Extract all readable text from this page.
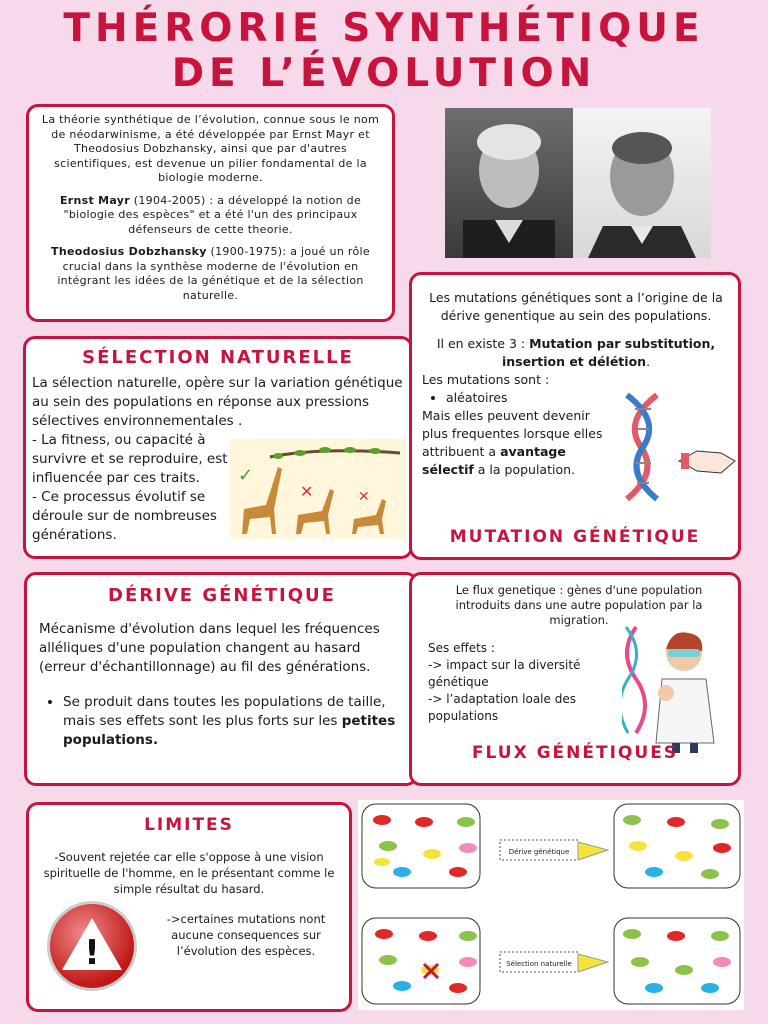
THÉRORIE SYNTHÉTIQUE
DE L’ÉVOLUTION

La théorie synthétique de l’évolution, connue sous le nom de néodarwinisme, a été développée par Ernst Mayr et Theodosius Dobzhansky, ainsi que par d'autres scientifiques, est devenue un pilier fondamental de la biologie moderne.

Ernst Mayr (1904-2005) : a développé la notion de "biologie des espèces" et a été l'un des principaux défenseurs de cette theorie.

Theodosius Dobzhansky (1900-1975): a joué un rôle crucial dans la synthèse moderne de l'évolution en intégrant les idées de la génétique et de la sélection naturelle.

SÉLECTION NATURELLE

La sélection naturelle, opère sur la variation génétique au sein des populations en réponse aux pressions sélectives environnementales .

- La fitness, ou capacité à survivre et se reproduire, est influencée par ces traits.

- Ce processus évolutif se déroule sur de nombreuses générations.

✓
✕	✕

Les mutations génétiques sont a l’origine de la dérive genentique au sein des populations.

Il en existe 3 : Mutation par substitution, insertion et délétion.

Les mutations sont :

• aléatoires

Mais elles peuvent devenir plus frequentes lorsque elles attribuent a avantage sélectif a la population.

MUTATION GÉNÉTIQUE
DÉRIVE GÉNÉTIQUE

Mécanisme d'évolution dans lequel les fréquences alléliques d'une population changent au hasard (erreur d'échantillonnage) au fil des générations.

• Se produit dans toutes les populations de taille, mais ses effets sont les plus forts sur les petites populations.

Le flux genetique : gènes d'une population introduits dans une autre population par la migration.

Ses effets :

-> impact sur la diversité génétique

-> l’adaptation loale des populations

FLUX GÉNÉTIQUES
LIMITES

-Souvent rejetée car elle s'oppose à une vision spirituelle de l'homme, en le présentant comme le simple résultat du hasard.

!

->certaines mutations nont aucune consequences sur l’évolution des espèces.

Dérive génétique
Sélection naturelle
